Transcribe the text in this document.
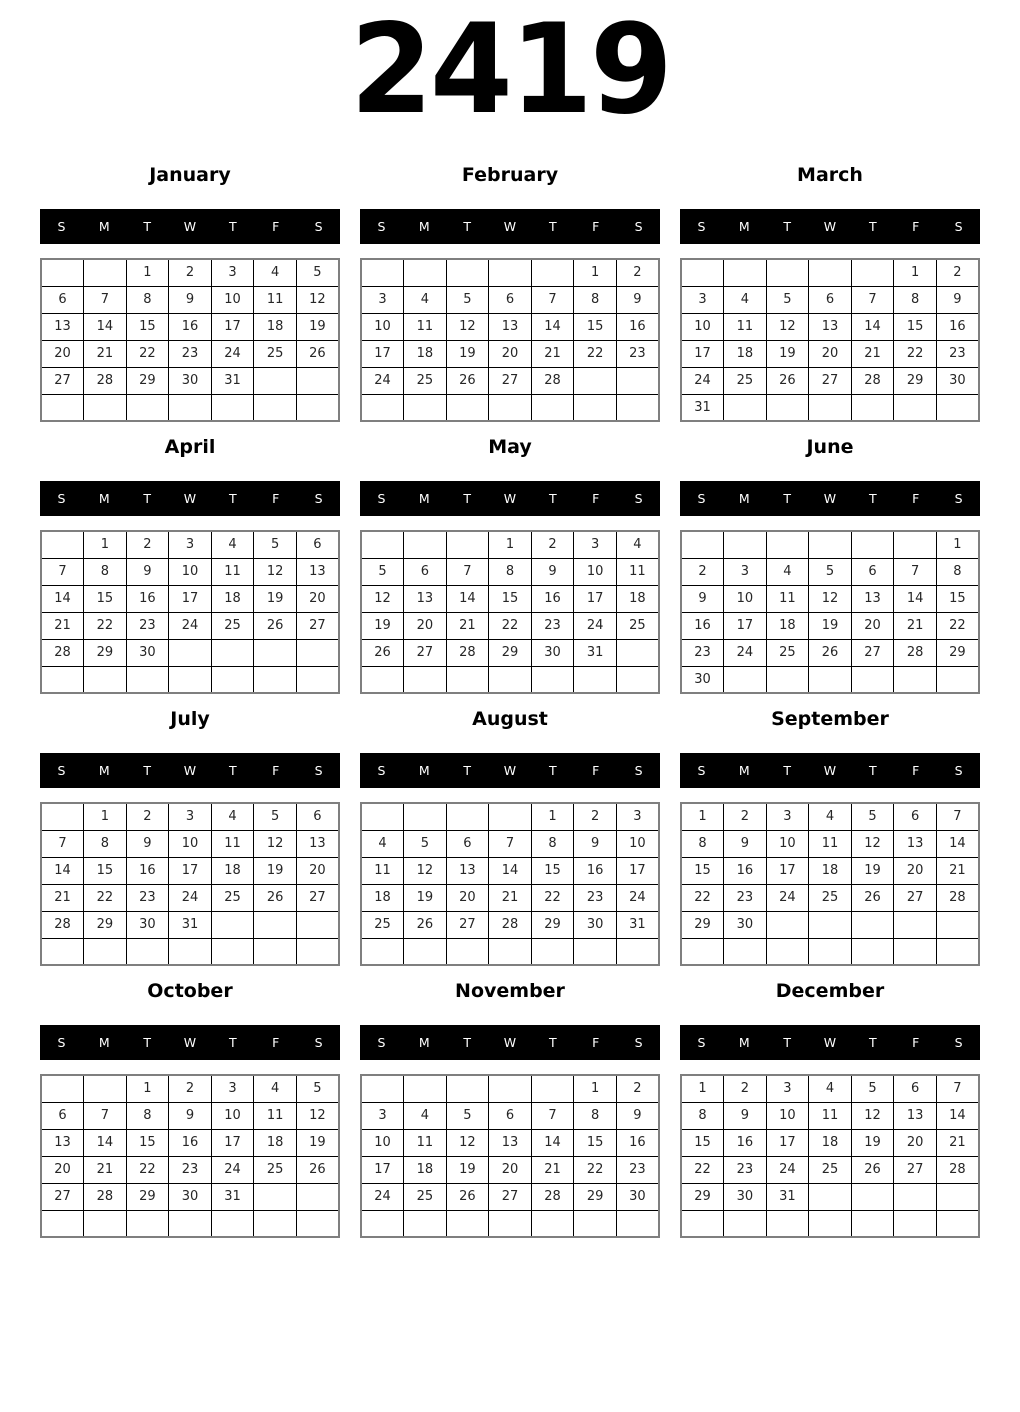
2419
January
S	M	T	W	T	F	S
		1	2	3	4	5
6	7	8	9	10	11	12
13	14	15	16	17	18	19
20	21	22	23	24	25	26
27	28	29	30	31		

February
S	M	T	W	T	F	S
					1	2
3	4	5	6	7	8	9
10	11	12	13	14	15	16
17	18	19	20	21	22	23
24	25	26	27	28		

March
S	M	T	W	T	F	S
					1	2
3	4	5	6	7	8	9
10	11	12	13	14	15	16
17	18	19	20	21	22	23
24	25	26	27	28	29	30
31						
April
S	M	T	W	T	F	S
	1	2	3	4	5	6
7	8	9	10	11	12	13
14	15	16	17	18	19	20
21	22	23	24	25	26	27
28	29	30				

May
S	M	T	W	T	F	S
			1	2	3	4
5	6	7	8	9	10	11
12	13	14	15	16	17	18
19	20	21	22	23	24	25
26	27	28	29	30	31	

June
S	M	T	W	T	F	S
						1
2	3	4	5	6	7	8
9	10	11	12	13	14	15
16	17	18	19	20	21	22
23	24	25	26	27	28	29
30						
July
S	M	T	W	T	F	S
	1	2	3	4	5	6
7	8	9	10	11	12	13
14	15	16	17	18	19	20
21	22	23	24	25	26	27
28	29	30	31			

August
S	M	T	W	T	F	S
				1	2	3
4	5	6	7	8	9	10
11	12	13	14	15	16	17
18	19	20	21	22	23	24
25	26	27	28	29	30	31

September
S	M	T	W	T	F	S
1	2	3	4	5	6	7
8	9	10	11	12	13	14
15	16	17	18	19	20	21
22	23	24	25	26	27	28
29	30					

October
S	M	T	W	T	F	S
		1	2	3	4	5
6	7	8	9	10	11	12
13	14	15	16	17	18	19
20	21	22	23	24	25	26
27	28	29	30	31		

November
S	M	T	W	T	F	S
					1	2
3	4	5	6	7	8	9
10	11	12	13	14	15	16
17	18	19	20	21	22	23
24	25	26	27	28	29	30

December
S	M	T	W	T	F	S
1	2	3	4	5	6	7
8	9	10	11	12	13	14
15	16	17	18	19	20	21
22	23	24	25	26	27	28
29	30	31				
